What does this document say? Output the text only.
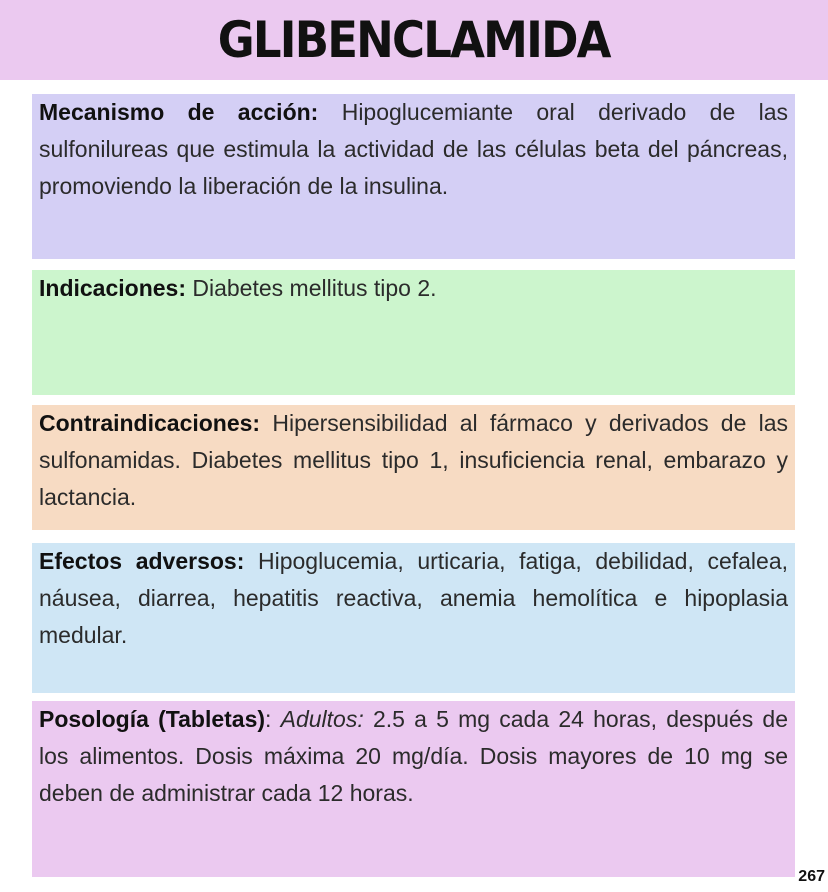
GLIBENCLAMIDA

Mecanismo de acción: Hipoglucemiante oral derivado de las sulfonilureas que estimula la actividad de las células beta del páncreas, promoviendo la liberación de la insulina.

Indicaciones: Diabetes mellitus tipo 2.

Contraindicaciones: Hipersensibilidad al fármaco y derivados de las sulfonamidas. Diabetes mellitus tipo 1, insuficiencia renal, embarazo y lactancia.

Efectos adversos: Hipoglucemia, urticaria, fatiga, debilidad, cefalea, náusea, diarrea, hepatitis reactiva, anemia hemolítica e hipoplasia medular.

Posología (Tabletas): Adultos: 2.5 a 5 mg cada 24 horas, después de los alimentos. Dosis máxima 20 mg/día. Dosis mayores de 10 mg se deben de administrar cada 12 horas.

267
